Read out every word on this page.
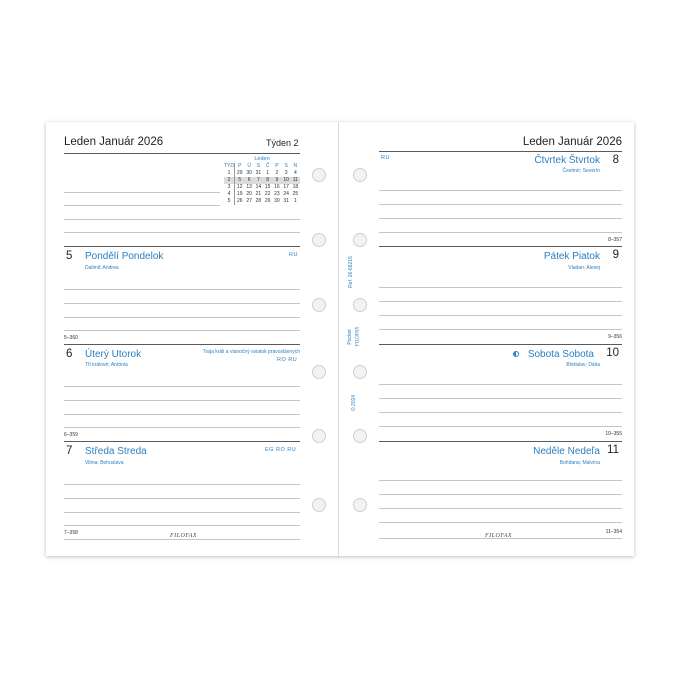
Leden Január 2026	Týden 2
Leden
TÝD	P	Ú	S	Č	P	S	N
1	29	30	31	1	2	3	4
2	5	6	7	8	9	10	11
3	12	13	14	15	16	17	18
4	19	20	21	22	23	24	25
5	26	27	28	29	30	31	1
5 Pondělí Pondelok
Dalimil; Andrea
RU
5–360
6 Úterý Utorok
Tři králové; Antónia
Traja králi a vianočný sviatok pravoslávnych
RO RU
6–359
7 Středa Streda
Vilma; Bohuslava
EG RO RU
7–358	FILOFAX
Ref. 26-68215
Pocket FILOFAX
© 2024
Leden Január 2026
RU	8
Čtvrtek Štvrtok
Čestmír; Severín
8–357
9
Pátek Piatok
Vladan; Alexej
9–356
10
Sobota Sobota
Břetislav; Dáša
10–355
11
Neděle Nedeľa
Bohdana; Malvína
11–354
FILOFAX
